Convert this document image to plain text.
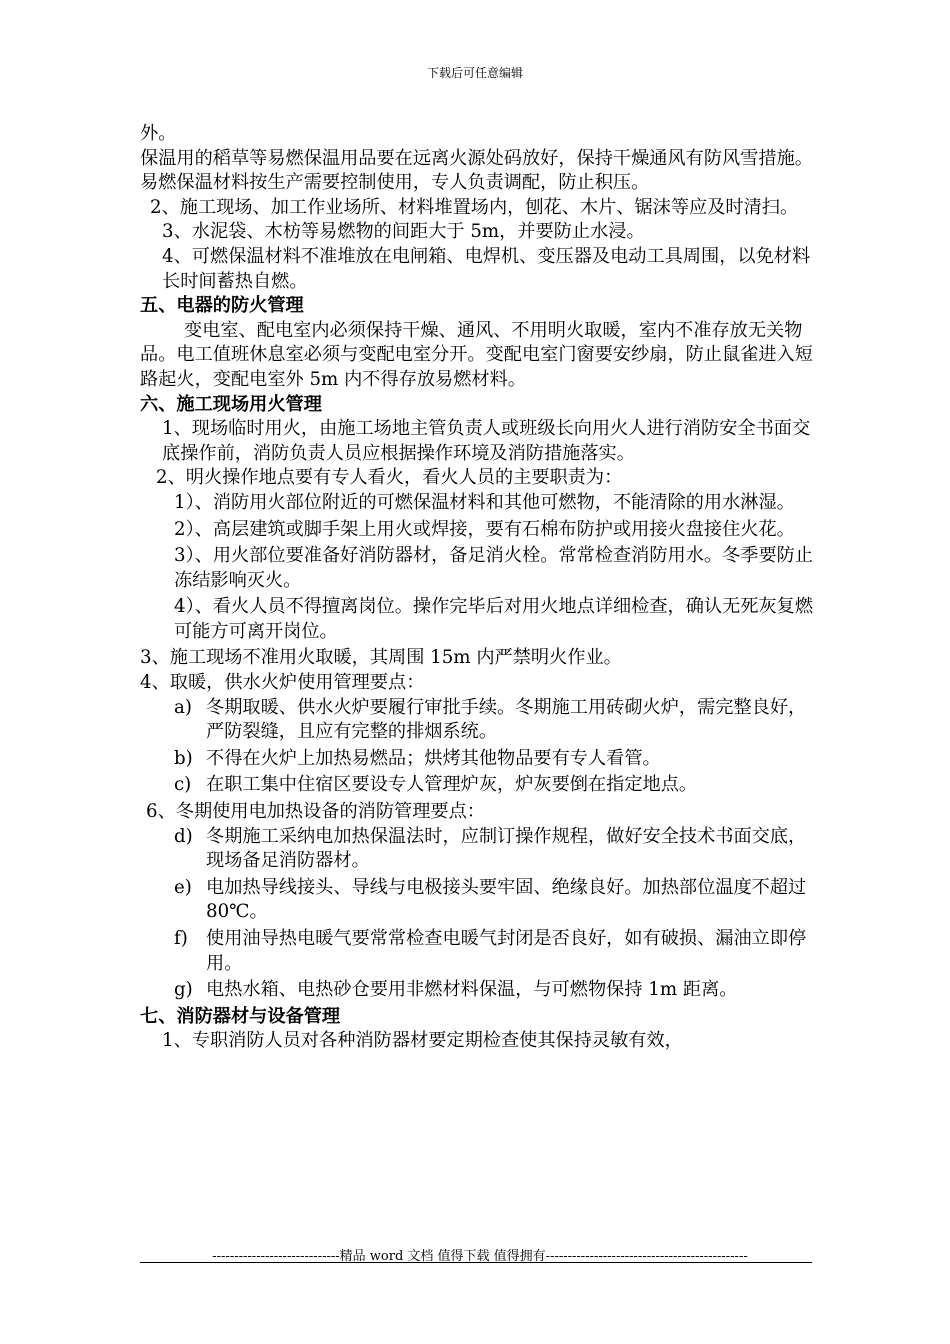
下载后可任意编辑

外。

保温用的稻草等易燃保温用品要在远离火源处码放好，保持干燥通风有防风雪措施。易燃保温材料按生产需要控制使用，专人负责调配，防止积压。

2、施工现场、加工作业场所、材料堆置场内，刨花、木片、锯沫等应及时清扫。

3、水泥袋、木枋等易燃物的间距大于 5m，并要防止水浸。

4、可燃保温材料不准堆放在电闸箱、电焊机、变压器及电动工具周围，以免材料长时间蓄热自燃。

五、电器的防火管理

变电室、配电室内必须保持干燥、通风、不用明火取暖，室内不准存放无关物品。电工值班休息室必须与变配电室分开。变配电室门窗要安纱扇，防止鼠雀进入短路起火，变配电室外 5m 内不得存放易燃材料。

六、施工现场用火管理

1、现场临时用火，由施工场地主管负责人或班级长向用火人进行消防安全书面交底操作前，消防负责人员应根据操作环境及消防措施落实。

2、明火操作地点要有专人看火，看火人员的主要职责为：

1）、消防用火部位附近的可燃保温材料和其他可燃物，不能清除的用水淋湿。

2）、高层建筑或脚手架上用火或焊接，要有石棉布防护或用接火盘接住火花。

3）、用火部位要准备好消防器材，备足消火栓。常常检查消防用水。冬季要防止冻结影响灭火。

4）、看火人员不得擅离岗位。操作完毕后对用火地点详细检查，确认无死灰复燃可能方可离开岗位。

3、施工现场不准用火取暖，其周围 15m 内严禁明火作业。

4、取暖，供水火炉使用管理要点：

a) 冬期取暖、供水火炉要履行审批手续。冬期施工用砖砌火炉，需完整良好，严防裂缝，且应有完整的排烟系统。
b) 不得在火炉上加热易燃品；烘烤其他物品要有专人看管。
c) 在职工集中住宿区要设专人管理炉灰，炉灰要倒在指定地点。

6、冬期使用电加热设备的消防管理要点：

d) 冬期施工采纳电加热保温法时，应制订操作规程，做好安全技术书面交底，现场备足消防器材。
e) 电加热导线接头、导线与电极接头要牢固、绝缘良好。加热部位温度不超过 80℃。
f) 使用油导热电暖气要常常检查电暖气封闭是否良好，如有破损、漏油立即停用。
g) 电热水箱、电热砂仓要用非燃材料保温，与可燃物保持 1m 距离。

七、消防器材与设备管理

1、专职消防人员对各种消防器材要定期检查使其保持灵敏有效，

-----------------------------精品 word 文档 值得下载 值得拥有----------------------------------------------
